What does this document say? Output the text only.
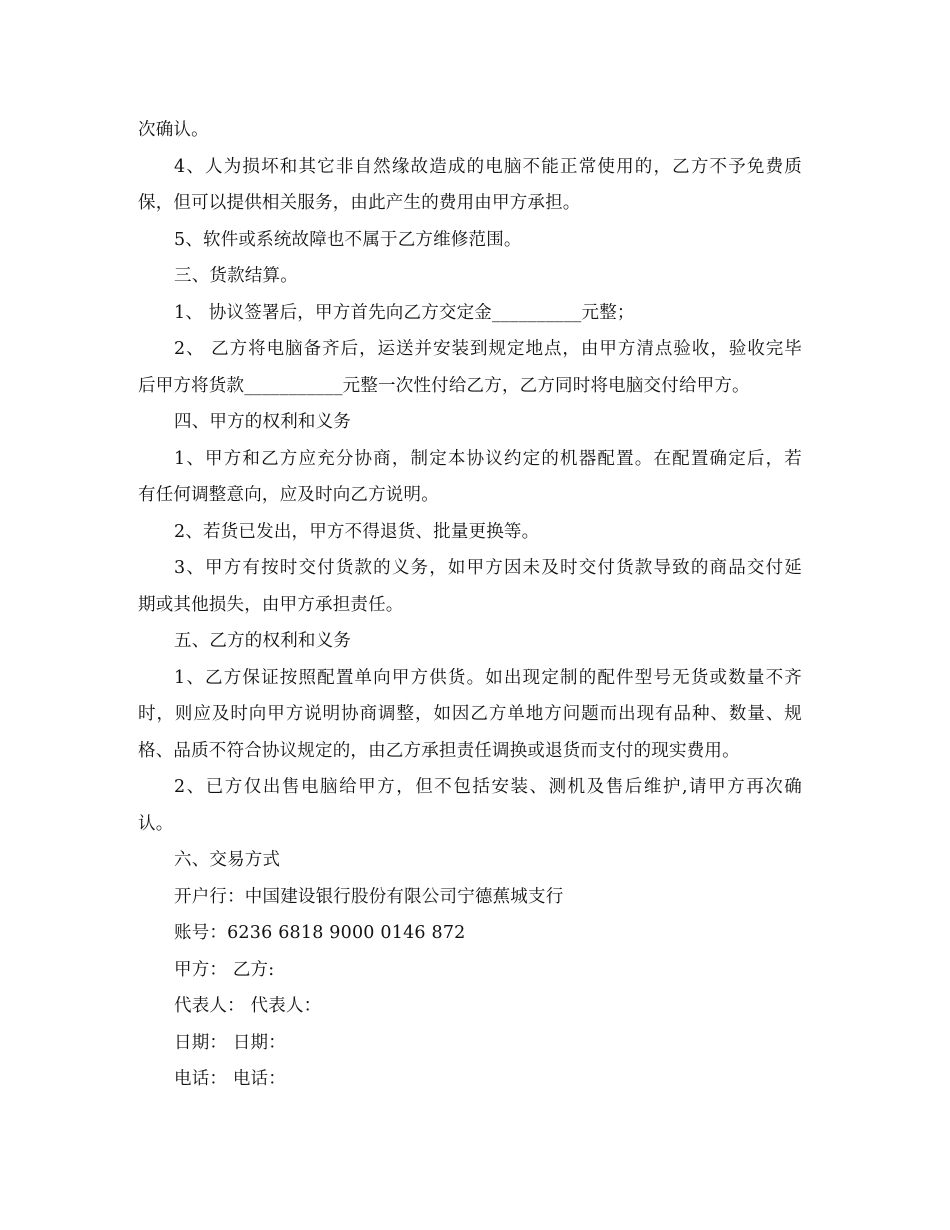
次确认。
4、人为损坏和其它非自然缘故造成的电脑不能正常使用的，乙方不予免费质
保，但可以提供相关服务，由此产生的费用由甲方承担。
5、软件或系统故障也不属于乙方维修范围。
三、货款结算。
1、 协议签署后，甲方首先向乙方交定金__________元整；
2、 乙方将电脑备齐后，运送并安装到规定地点，由甲方清点验收，验收完毕
后甲方将货款___________元整一次性付给乙方，乙方同时将电脑交付给甲方。
四、甲方的权利和义务
1、甲方和乙方应充分协商，制定本协议约定的机器配置。在配置确定后，若
有任何调整意向，应及时向乙方说明。
2、若货已发出，甲方不得退货、批量更换等。
3、甲方有按时交付货款的义务，如甲方因未及时交付货款导致的商品交付延
期或其他损失，由甲方承担责任。
五、乙方的权利和义务
1、乙方保证按照配置单向甲方供货。如出现定制的配件型号无货或数量不齐
时，则应及时向甲方说明协商调整，如因乙方单地方问题而出现有品种、数量、规
格、品质不符合协议规定的，由乙方承担责任调换或退货而支付的现实费用。
2、已方仅出售电脑给甲方，但不包括安装、测机及售后维护,请甲方再次确
认。
六、交易方式
开户行：中国建设银行股份有限公司宁德蕉城支行
账号：6236 6818 9000 0146 872
甲方： 乙方:
代表人： 代表人：
日期： 日期：
电话： 电话：
